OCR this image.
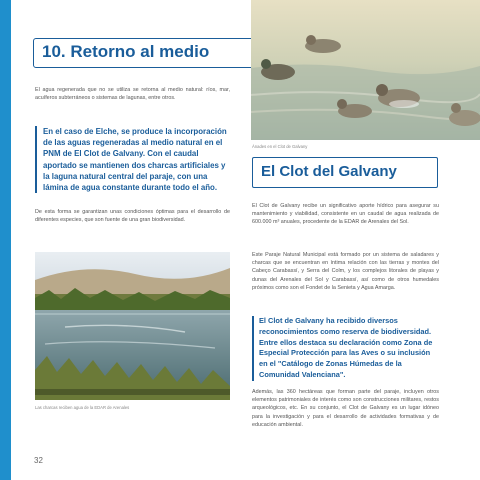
10. Retorno al medio

El agua regenerada que no se utiliza se retorna al medio natural: ríos, mar, acuíferos subterráneos o sistemas de lagunas, entre otros.

En el caso de Elche, se produce la incorporación de las aguas regeneradas al medio natural en el PNM de El Clot de Galvany. Con el caudal aportado se mantienen dos charcas artificiales y la laguna natural central del paraje, con una lámina de agua constante durante todo el año.

De esta forma se garantizan unas condiciones óptimas para el desarrollo de diferentes especies, que son fuente de una gran biodiversidad.

Ánades en el Clot de Galvany
El Clot del Galvany

El Clot de Galvany recibe un significativo aporte hídrico para asegurar su mantenimiento y viabilidad, consistente en un caudal de agua realizada de 600.000 m³ anuales, procedente de la EDAR de Arenales del Sol.

Este Paraje Natural Municipal está formado por un sistema de saladares y charcas que se encuentran en íntima relación con las tierras y montes del Cabeço Carabassí, y Serra del Colm, y los complejos litorales de playas y dunas del Arenales del Sol y Carabassí, así como de otros humedales próximos como son el Fondet de la Senieta y Agua Amarga.

El Clot de Galvany ha recibido diversos reconocimientos como reserva de biodiversidad. Entre ellos destaca su declaración como Zona de Especial Protección para las Aves o su inclusión en el "Catálogo de Zonas Húmedas de la Comunidad Valenciana".

Además, las 360 hectáreas que forman parte del paraje, incluyen otros elementos patrimoniales de interés como son construcciones militares, restos arqueológicos, etc. En su conjunto, el Clot de Galvany es un lugar idóneo para la investigación y para el desarrollo de actividades formativas y de educación ambiental.

Las charcas reciben agua de la EDAR de Arenales
32
